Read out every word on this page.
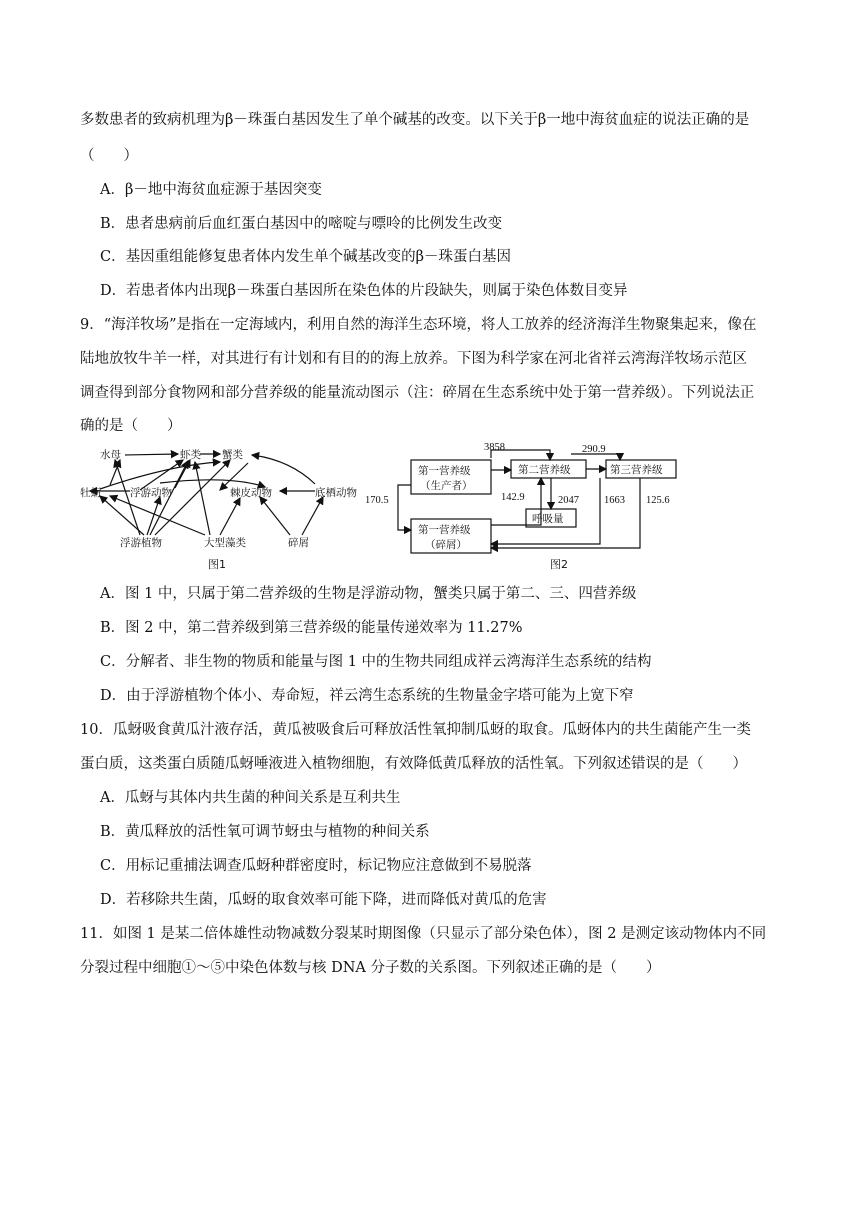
多数患者的致病机理为β－珠蛋白基因发生了单个碱基的改变。以下关于β一地中海贫血症的说法正确的是
（　　）
A．β－地中海贫血症源于基因突变
B．患者患病前后血红蛋白基因中的嘧啶与嘌呤的比例发生改变
C．基因重组能修复患者体内发生单个碱基改变的β－珠蛋白基因
D．若患者体内出现β－珠蛋白基因所在染色体的片段缺失，则属于染色体数目变异
9．“海洋牧场”是指在一定海域内，利用自然的海洋生态环境，将人工放养的经济海洋生物聚集起来，像在
陆地放牧牛羊一样，对其进行有计划和有目的的海上放养。下图为科学家在河北省祥云湾海洋牧场示范区
调查得到部分食物网和部分营养级的能量流动图示（注：碎屑在生态系统中处于第一营养级）。下列说法正
确的是（　　）
水母	虾类 蟹类
牡蛎	浮游动物	棘皮动物	底栖动物
浮游植物	大型藻类	碎屑
图1
第一营养级
（生产者）
第二营养级	第三营养级
第一营养级
（碎屑）
呼吸量
3858	290.9
170.5	142.9	2047 1663 125.6
图2
A．图 1 中，只属于第二营养级的生物是浮游动物，蟹类只属于第二、三、四营养级
B．图 2 中，第二营养级到第三营养级的能量传递效率为 11.27%
C．分解者、非生物的物质和能量与图 1 中的生物共同组成祥云湾海洋生态系统的结构
D．由于浮游植物个体小、寿命短，祥云湾生态系统的生物量金字塔可能为上宽下窄
10．瓜蚜吸食黄瓜汁液存活，黄瓜被吸食后可释放活性氧抑制瓜蚜的取食。瓜蚜体内的共生菌能产生一类
蛋白质，这类蛋白质随瓜蚜唾液进入植物细胞，有效降低黄瓜释放的活性氧。下列叙述错误的是（　　）
A．瓜蚜与其体内共生菌的种间关系是互利共生
B．黄瓜释放的活性氧可调节蚜虫与植物的种间关系
C．用标记重捕法调查瓜蚜种群密度时，标记物应注意做到不易脱落
D．若移除共生菌，瓜蚜的取食效率可能下降，进而降低对黄瓜的危害
11．如图 1 是某二倍体雄性动物减数分裂某时期图像（只显示了部分染色体），图 2 是测定该动物体内不同
分裂过程中细胞①～⑤中染色体数与核 DNA 分子数的关系图。下列叙述正确的是（　　）
